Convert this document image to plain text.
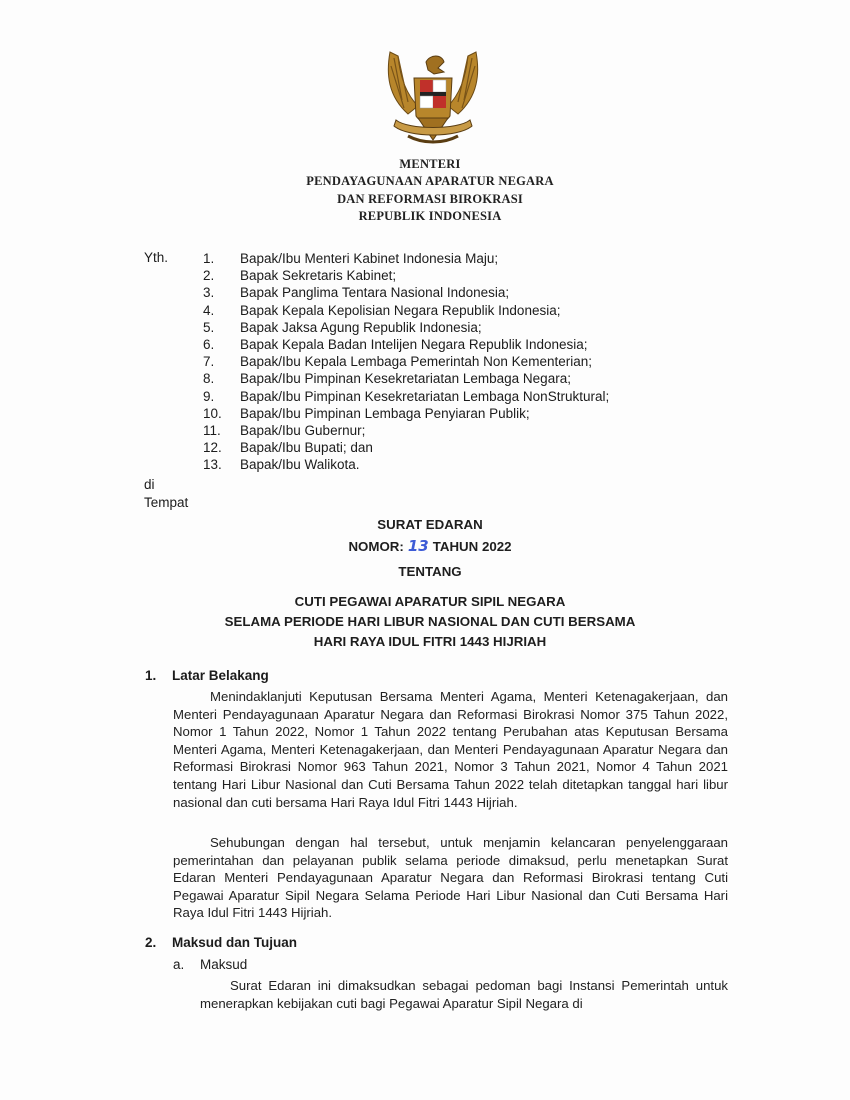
MENTERI
PENDAYAGUNAAN APARATUR NEGARA
DAN REFORMASI BIROKRASI
REPUBLIK INDONESIA
Yth.	1.	Bapak/Ibu Menteri Kabinet Indonesia Maju;
2.	Bapak Sekretaris Kabinet;
3.	Bapak Panglima Tentara Nasional Indonesia;
4.	Bapak Kepala Kepolisian Negara Republik Indonesia;
5.	Bapak Jaksa Agung Republik Indonesia;
6.	Bapak Kepala Badan Intelijen Negara Republik Indonesia;
7.	Bapak/Ibu Kepala Lembaga Pemerintah Non Kementerian;
8.	Bapak/Ibu Pimpinan Kesekretariatan Lembaga Negara;
9.	Bapak/Ibu Pimpinan Kesekretariatan Lembaga NonStruktural;
10.	Bapak/Ibu Pimpinan Lembaga Penyiaran Publik;
11.	Bapak/Ibu Gubernur;
12.	Bapak/Ibu Bupati; dan
13.	Bapak/Ibu Walikota.
di
Tempat
SURAT EDARAN
NOMOR: 13 TAHUN 2022
TENTANG
CUTI PEGAWAI APARATUR SIPIL NEGARA
SELAMA PERIODE HARI LIBUR NASIONAL DAN CUTI BERSAMA
HARI RAYA IDUL FITRI 1443 HIJRIAH
1. Latar Belakang
Menindaklanjuti Keputusan Bersama Menteri Agama, Menteri Ketenagakerjaan, dan Menteri Pendayagunaan Aparatur Negara dan Reformasi Birokrasi Nomor 375 Tahun 2022, Nomor 1 Tahun 2022, Nomor 1 Tahun 2022 tentang Perubahan atas Keputusan Bersama Menteri Agama, Menteri Ketenagakerjaan, dan Menteri Pendayagunaan Aparatur Negara dan Reformasi Birokrasi Nomor 963 Tahun 2021, Nomor 3 Tahun 2021, Nomor 4 Tahun 2021 tentang Hari Libur Nasional dan Cuti Bersama Tahun 2022 telah ditetapkan tanggal hari libur nasional dan cuti bersama Hari Raya Idul Fitri 1443 Hijriah.
Sehubungan dengan hal tersebut, untuk menjamin kelancaran penyelenggaraan pemerintahan dan pelayanan publik selama periode dimaksud, perlu menetapkan Surat Edaran Menteri Pendayagunaan Aparatur Negara dan Reformasi Birokrasi tentang Cuti Pegawai Aparatur Sipil Negara Selama Periode Hari Libur Nasional dan Cuti Bersama Hari Raya Idul Fitri 1443 Hijriah.
2. Maksud dan Tujuan
a. Maksud
Surat Edaran ini dimaksudkan sebagai pedoman bagi Instansi Pemerintah untuk menerapkan kebijakan cuti bagi Pegawai Aparatur Sipil Negara di
